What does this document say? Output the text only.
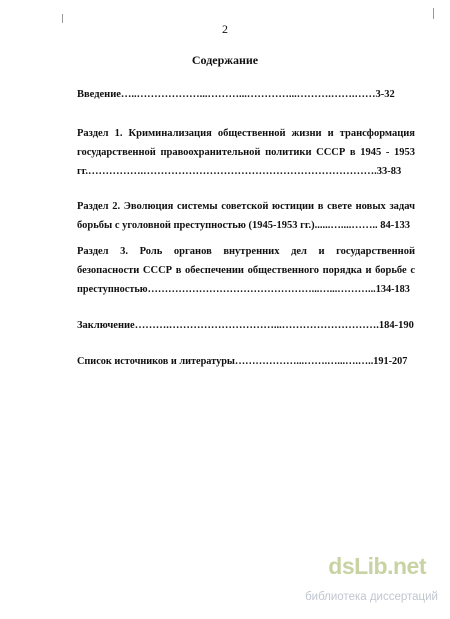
2
Содержание
Введение…..………………...………...…………...……….…….……3-32
Раздел 1. Криминализация общественной жизни и трансформация
государственной правоохранительной политики СССР в 1945 - 1953
гг.…………….………………………………………………………….33-83
Раздел 2. Эволюция системы советской юстиции в свете новых задач
борьбы с уголовной преступностью (1945-1953 гг.)......…....…….. 84-133
Раздел 3. Роль органов внутренних дел и государственной
безопасности СССР в обеспечении общественного порядка и борьбе с
преступностью…………………………………………...…...………...134-183
Заключение……….…………………………...……………………….184-190
Список источников и литературы………………...…….…...….…..191-207
dsLib.net
библиотека диссертаций
